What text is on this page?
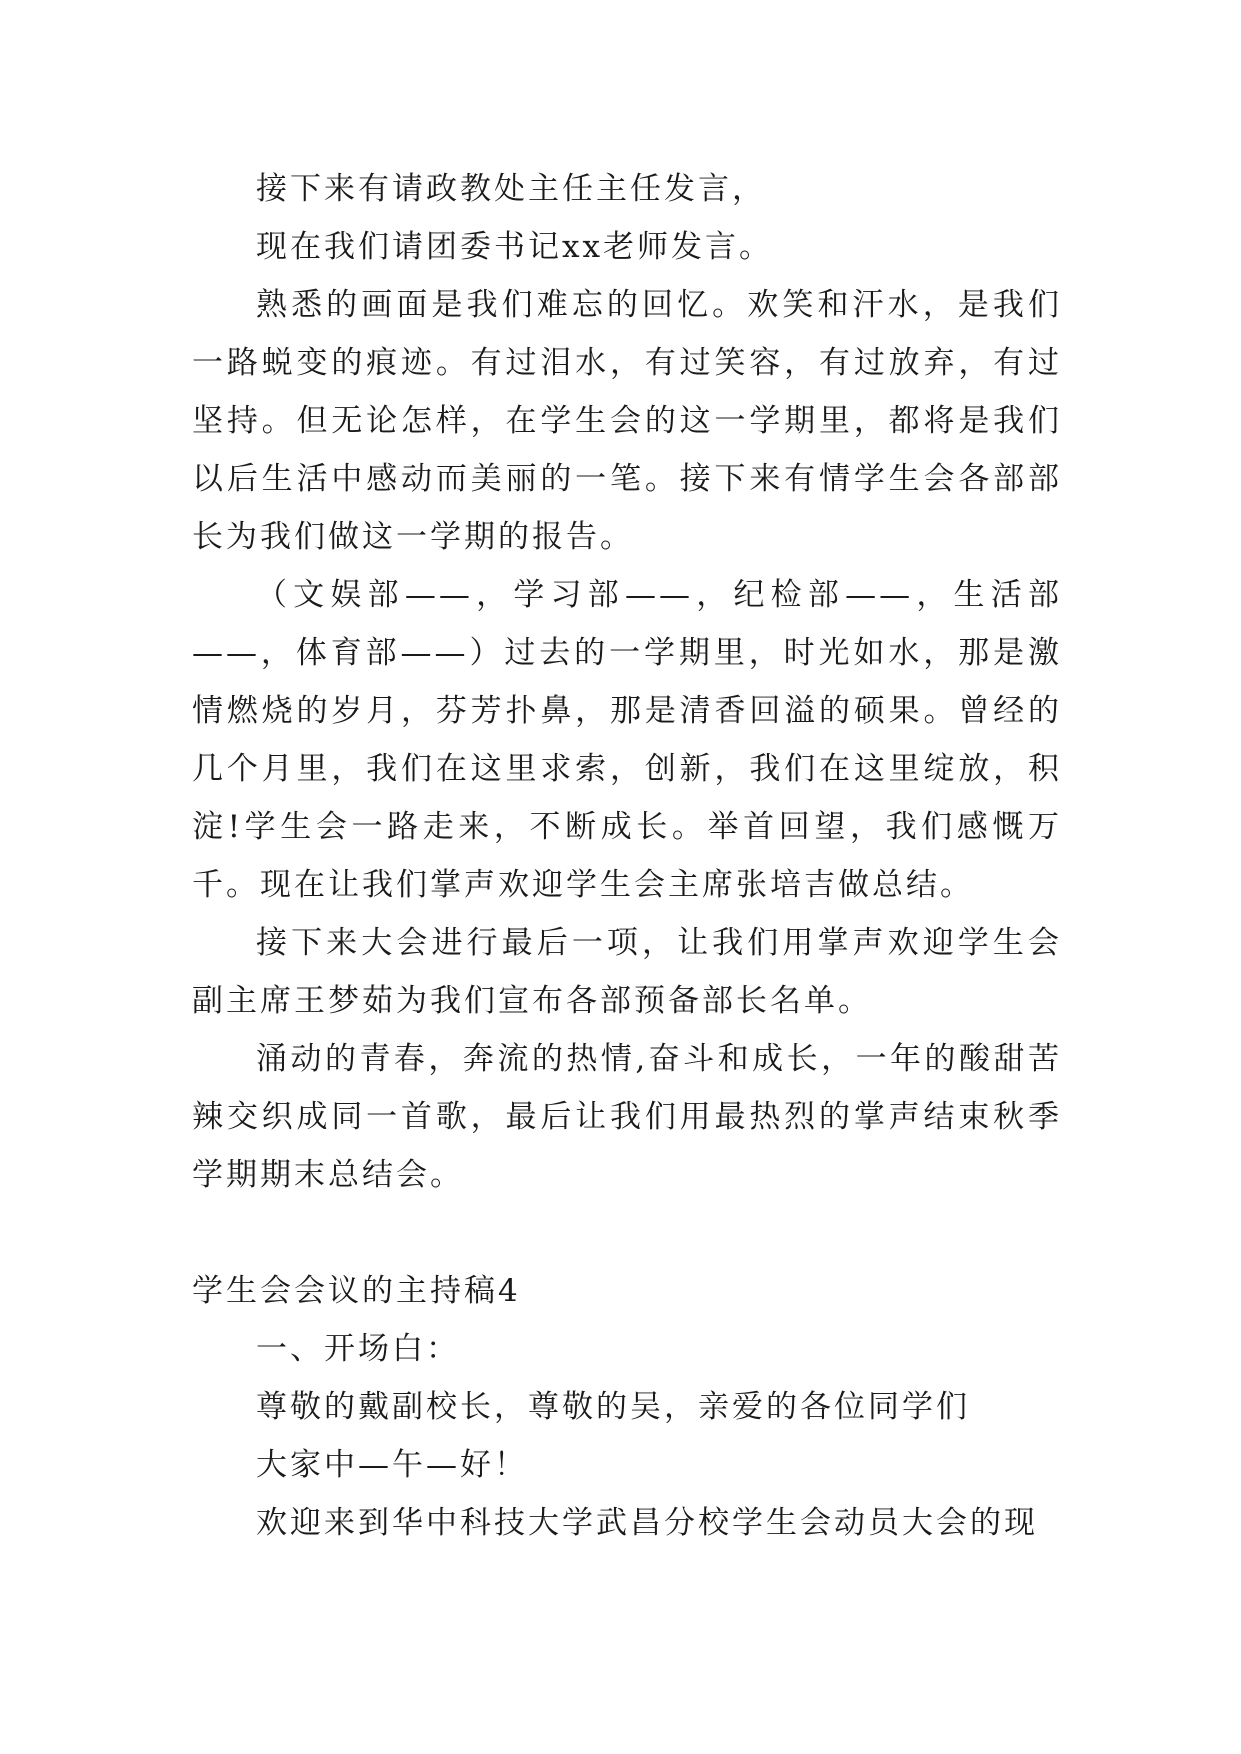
接下来有请政教处主任主任发言，

现在我们请团委书记xx老师发言。

熟悉的画面是我们难忘的回忆。欢笑和汗水，是我们一路蜕变的痕迹。有过泪水，有过笑容，有过放弃，有过坚持。但无论怎样，在学生会的这一学期里，都将是我们以后生活中感动而美丽的一笔。接下来有情学生会各部部长为我们做这一学期的报告。

（文娱部——，学习部——，纪检部——，生活部——，体育部——）过去的一学期里，时光如水，那是激情燃烧的岁月，芬芳扑鼻，那是清香回溢的硕果。曾经的几个月里，我们在这里求索，创新，我们在这里绽放，积淀!学生会一路走来，不断成长。举首回望，我们感慨万千。现在让我们掌声欢迎学生会主席张培吉做总结。

接下来大会进行最后一项，让我们用掌声欢迎学生会副主席王梦茹为我们宣布各部预备部长名单。

涌动的青春，奔流的热情,奋斗和成长，一年的酸甜苦辣交织成同一首歌，最后让我们用最热烈的掌声结束秋季学期期末总结会。

学生会会议的主持稿4

一、开场白：

尊敬的戴副校长，尊敬的吴，亲爱的各位同学们

大家中—午—好！

欢迎来到华中科技大学武昌分校学生会动员大会的现
